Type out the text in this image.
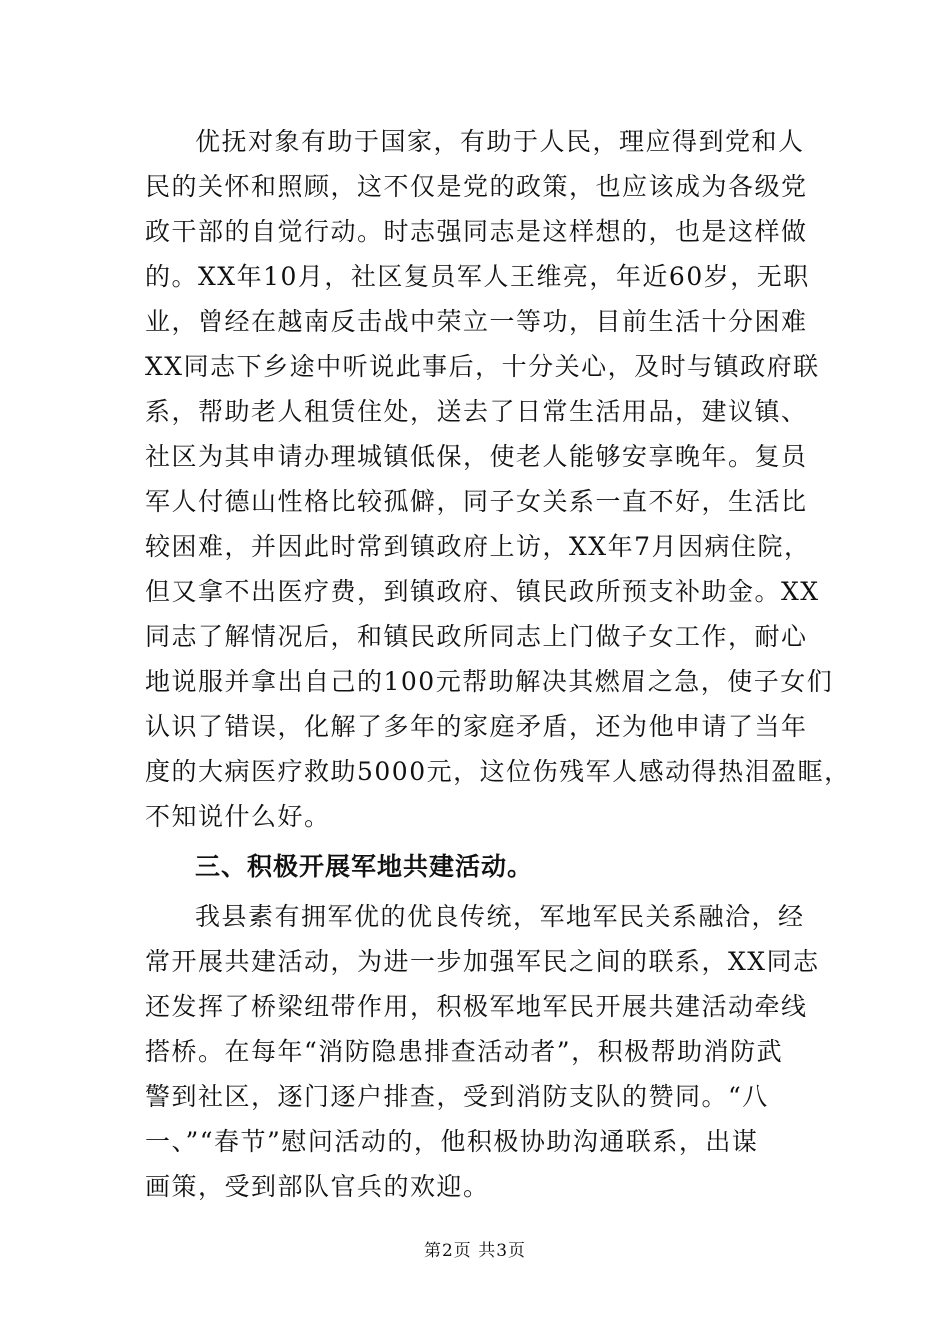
优抚对象有助于国家，有助于人民，理应得到党和人
民的关怀和照顾，这不仅是党的政策，也应该成为各级党
政干部的自觉行动。时志强同志是这样想的，也是这样做
的。XX年10月，社区复员军人王维亮，年近60岁，无职
业，曾经在越南反击战中荣立一等功，目前生活十分困难
XX同志下乡途中听说此事后，十分关心，及时与镇政府联
系，帮助老人租赁住处，送去了日常生活用品，建议镇、
社区为其申请办理城镇低保，使老人能够安享晚年。复员
军人付德山性格比较孤僻，同子女关系一直不好，生活比
较困难，并因此时常到镇政府上访，XX年7月因病住院，
但又拿不出医疗费，到镇政府、镇民政所预支补助金。XX
同志了解情况后，和镇民政所同志上门做子女工作，耐心
地说服并拿出自己的100元帮助解决其燃眉之急，使子女们
认识了错误，化解了多年的家庭矛盾，还为他申请了当年
度的大病医疗救助5000元，这位伤残军人感动得热泪盈眶，
不知说什么好。
三、积极开展军地共建活动。
我县素有拥军优的优良传统，军地军民关系融洽，经
常开展共建活动，为进一步加强军民之间的联系，XX同志
还发挥了桥梁纽带作用，积极军地军民开展共建活动牵线
搭桥。在每年“消防隐患排查活动者”，积极帮助消防武
警到社区，逐门逐户排查，受到消防支队的赞同。“八
一、”“春节”慰问活动的，他积极协助沟通联系，出谋
画策，受到部队官兵的欢迎。
第2页 共3页
